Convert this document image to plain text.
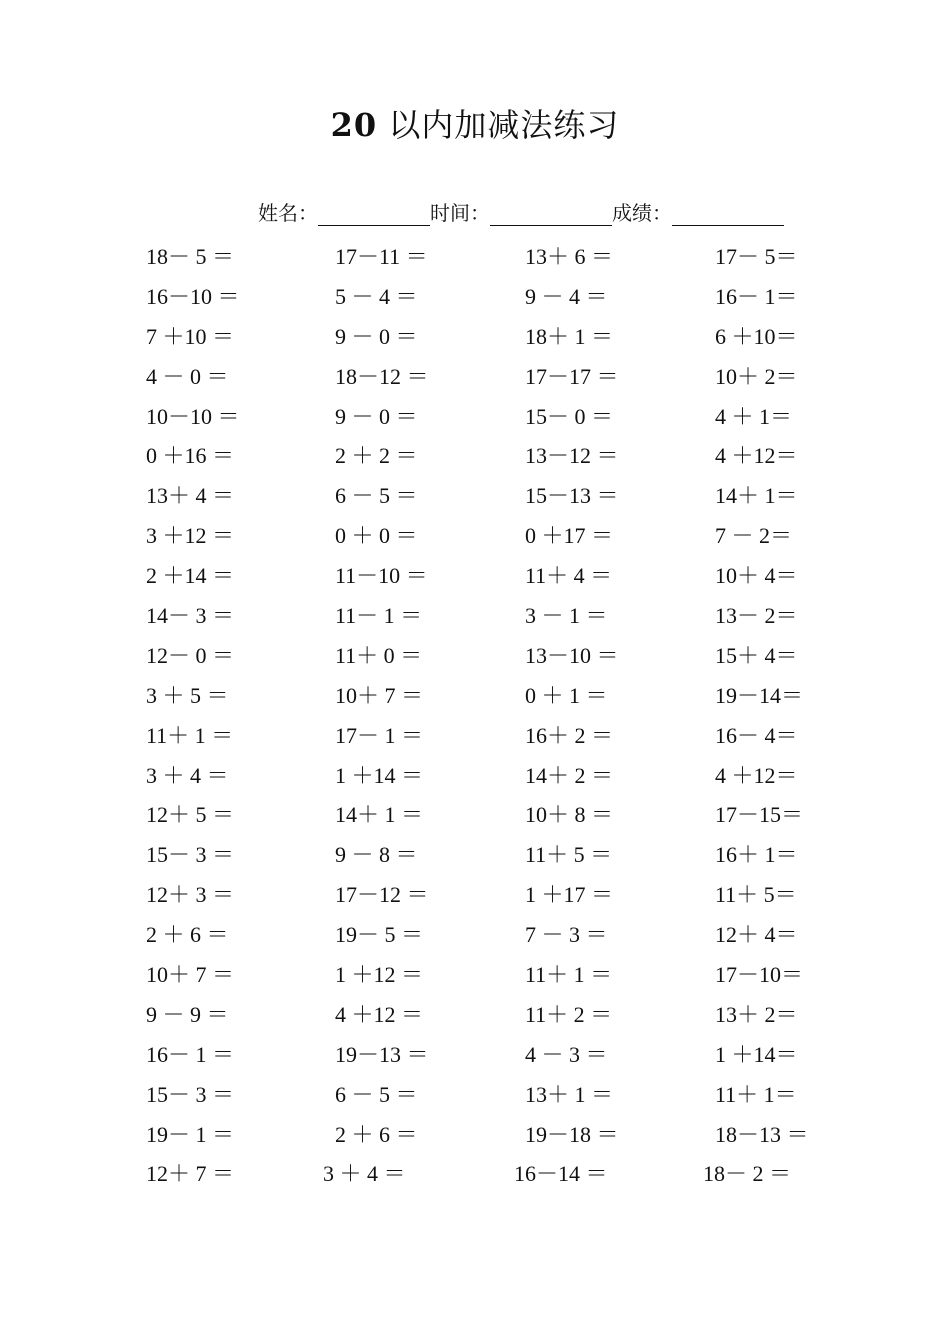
20 以内加减法练习
姓名：	时间：	成绩：
18－ 5 ＝	17－11 ＝	13＋ 6 ＝	17－ 5＝
16－10 ＝	5 － 4 ＝	9 － 4 ＝	16－ 1＝
7 ＋10 ＝	9 － 0 ＝	18＋ 1 ＝	6 ＋10＝
4 － 0 ＝	18－12 ＝	17－17 ＝	10＋ 2＝
10－10 ＝	9 － 0 ＝	15－ 0 ＝	4 ＋ 1＝
0 ＋16 ＝	2 ＋ 2 ＝	13－12 ＝	4 ＋12＝
13＋ 4 ＝	6 － 5 ＝	15－13 ＝	14＋ 1＝
3 ＋12 ＝	0 ＋ 0 ＝	0 ＋17 ＝	7 － 2＝
2 ＋14 ＝	11－10 ＝	11＋ 4 ＝	10＋ 4＝
14－ 3 ＝	11－ 1 ＝	3 － 1 ＝	13－ 2＝
12－ 0 ＝	11＋ 0 ＝	13－10 ＝	15＋ 4＝
3 ＋ 5 ＝	10＋ 7 ＝	0 ＋ 1 ＝	19－14＝
11＋ 1 ＝	17－ 1 ＝	16＋ 2 ＝	16－ 4＝
3 ＋ 4 ＝	1 ＋14 ＝	14＋ 2 ＝	4 ＋12＝
12＋ 5 ＝	14＋ 1 ＝	10＋ 8 ＝	17－15＝
15－ 3 ＝	9 － 8 ＝	11＋ 5 ＝	16＋ 1＝
12＋ 3 ＝	17－12 ＝	1 ＋17 ＝	11＋ 5＝
2 ＋ 6 ＝	19－ 5 ＝	7 － 3 ＝	12＋ 4＝
10＋ 7 ＝	1 ＋12 ＝	11＋ 1 ＝	17－10＝
9 － 9 ＝	4 ＋12 ＝	11＋ 2 ＝	13＋ 2＝
16－ 1 ＝	19－13 ＝	4 － 3 ＝	1 ＋14＝
15－ 3 ＝	6 － 5 ＝	13＋ 1 ＝	11＋ 1＝
19－ 1 ＝	2 ＋ 6 ＝	19－18 ＝	18－13 ＝
12＋ 7 ＝	3 ＋ 4 ＝	16－14 ＝	18－ 2 ＝
